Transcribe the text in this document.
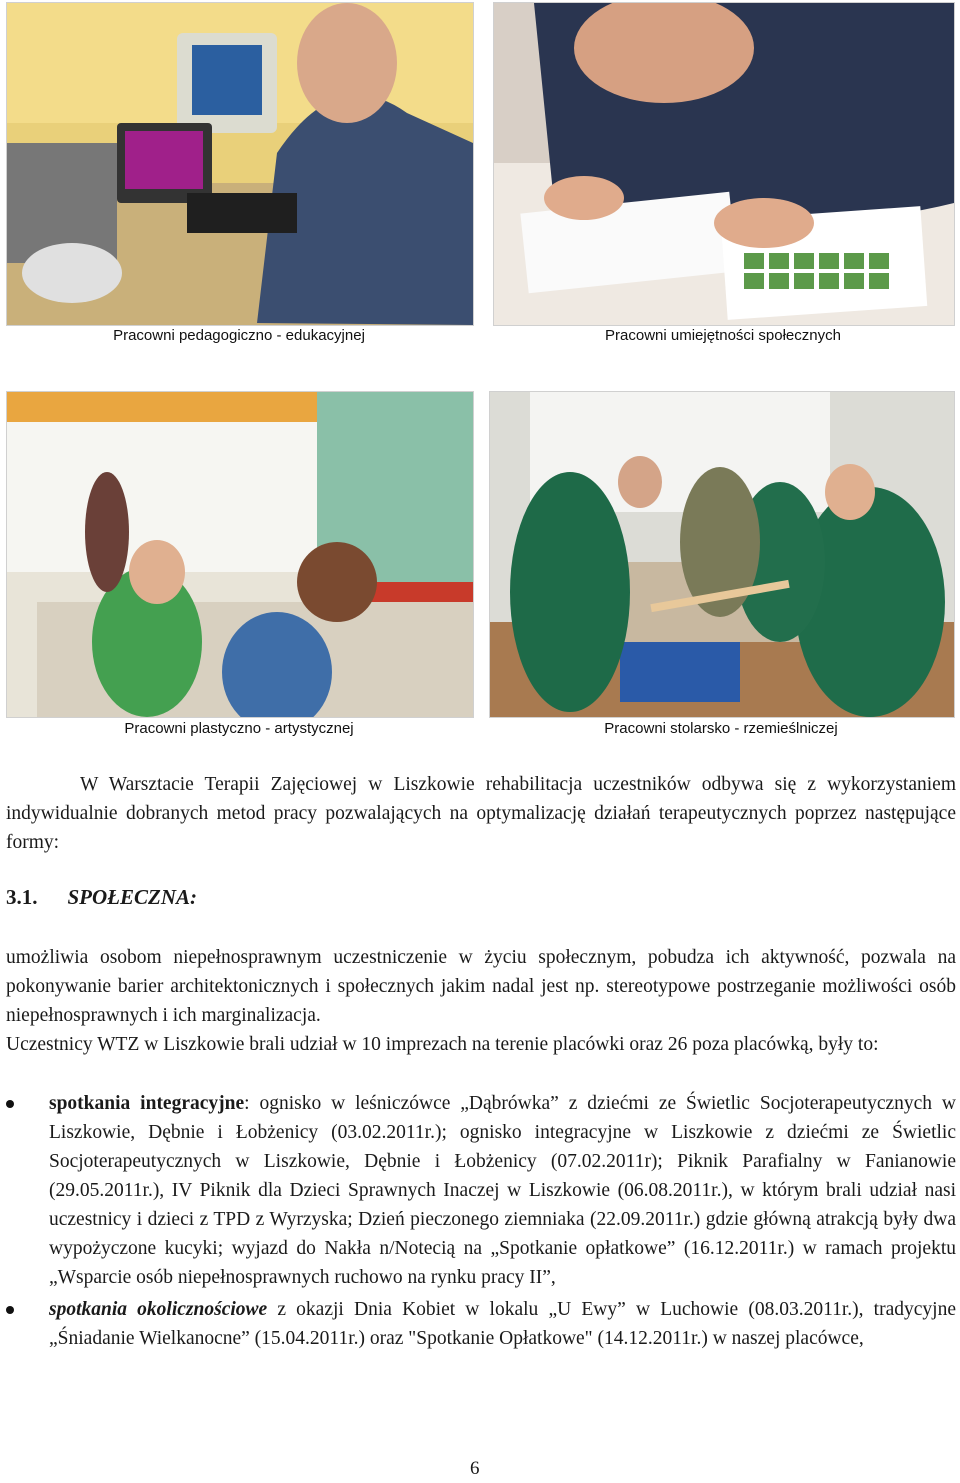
Pracowni pedagogiczno - edukacyjnej	Pracowni umiejętności społecznych
Pracowni plastyczno - artystycznej	Pracowni stolarsko - rzemieślniczej
W Warsztacie Terapii Zajęciowej w Liszkowie rehabilitacja uczestników odbywa się z wykorzystaniem indywidualnie dobranych metod pracy pozwalających na optymalizację działań terapeutycznych poprzez następujące formy:
3.1. SPOŁECZNA:
umożliwia osobom niepełnosprawnym uczestniczenie w życiu społecznym, pobudza ich aktywność, pozwala na pokonywanie barier architektonicznych i społecznych jakim nadal jest np. stereotypowe postrzeganie możliwości osób niepełnosprawnych i ich marginalizacja.
Uczestnicy WTZ w Liszkowie brali udział w 10 imprezach na terenie placówki oraz 26 poza placówką, były to:
spotkania integracyjne: ognisko w leśniczówce „Dąbrówka” z dziećmi ze Świetlic Socjoterapeutycznych w Liszkowie, Dębnie i Łobżenicy (03.02.2011r.); ognisko integracyjne w Liszkowie z dziećmi ze Świetlic Socjoterapeutycznych w Liszkowie, Dębnie i Łobżenicy (07.02.2011r); Piknik Parafialny w Fanianowie (29.05.2011r.), IV Piknik dla Dzieci Sprawnych Inaczej w Liszkowie (06.08.2011r.), w którym brali udział nasi uczestnicy i dzieci z TPD z Wyrzyska; Dzień pieczonego ziemniaka (22.09.2011r.) gdzie główną atrakcją były dwa wypożyczone kucyki; wyjazd do Nakła n/Notecią na „Spotkanie opłatkowe” (16.12.2011r.) w ramach projektu „Wsparcie osób niepełnosprawnych ruchowo na rynku pracy II”,
spotkania okolicznościowe z okazji Dnia Kobiet w lokalu „U Ewy” w Luchowie (08.03.2011r.), tradycyjne „Śniadanie Wielkanocne” (15.04.2011r.) oraz "Spotkanie Opłatkowe" (14.12.2011r.) w naszej placówce,
6
